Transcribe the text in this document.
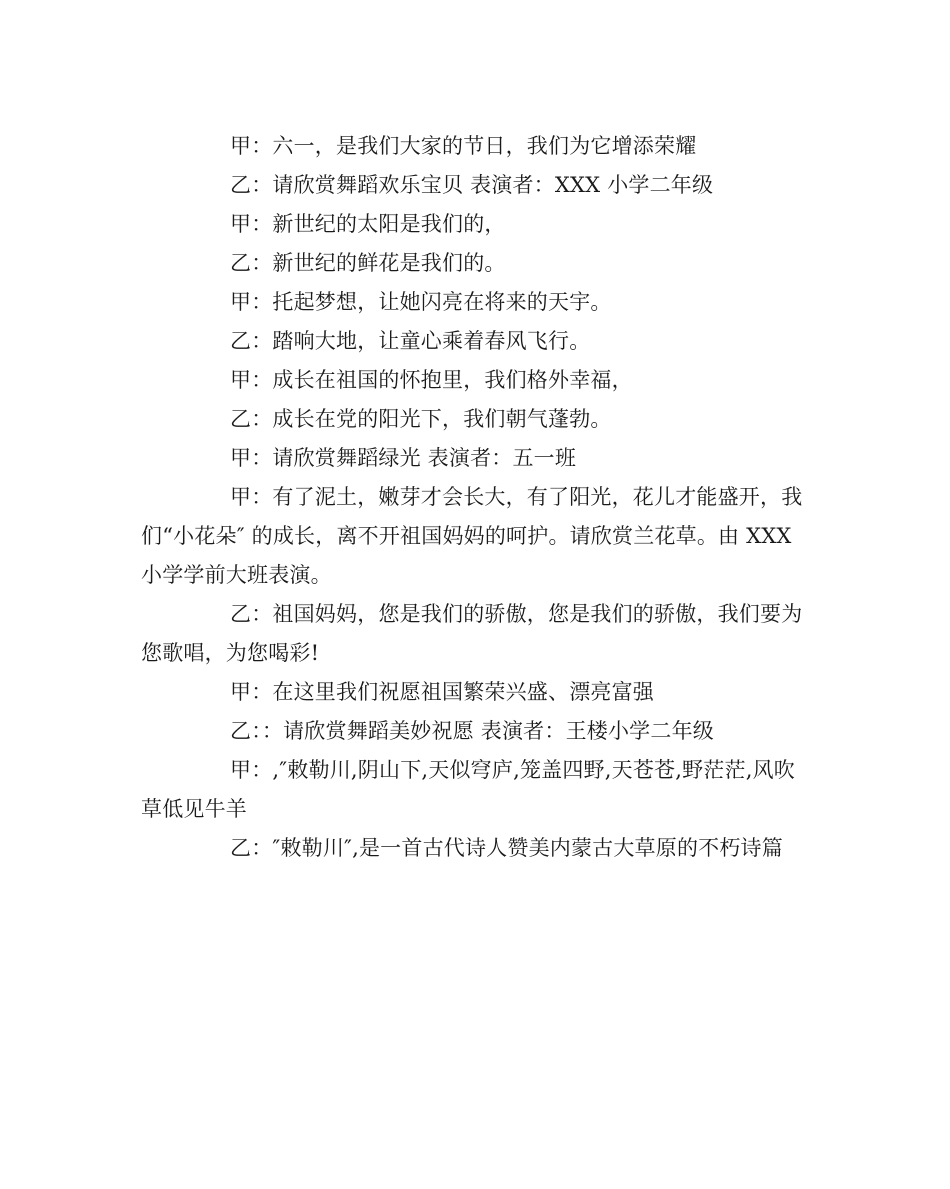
甲：六一，是我们大家的节日，我们为它增添荣耀

乙：请欣赏舞蹈欢乐宝贝 表演者：XXX 小学二年级

甲：新世纪的太阳是我们的，

乙：新世纪的鲜花是我们的。

甲：托起梦想，让她闪亮在将来的天宇。

乙：踏响大地，让童心乘着春风飞行。

甲：成长在祖国的怀抱里，我们格外幸福，

乙：成长在党的阳光下，我们朝气蓬勃。

甲：请欣赏舞蹈绿光 表演者：五一班

甲：有了泥土，嫩芽才会长大，有了阳光，花儿才能盛开，我们“小花朵″ 的成长，离不开祖国妈妈的呵护。请欣赏兰花草。由 XXX 小学学前大班表演。

乙：祖国妈妈，您是我们的骄傲，您是我们的骄傲，我们要为您歌唱，为您喝彩!

甲：在这里我们祝愿祖国繁荣兴盛、漂亮富强

乙：：请欣赏舞蹈美妙祝愿 表演者：王楼小学二年级

甲：,″敕勒川,阴山下,天似穹庐,笼盖四野,天苍苍,野茫茫,风吹草低见牛羊

乙：″敕勒川″,是一首古代诗人赞美内蒙古大草原的不朽诗篇
